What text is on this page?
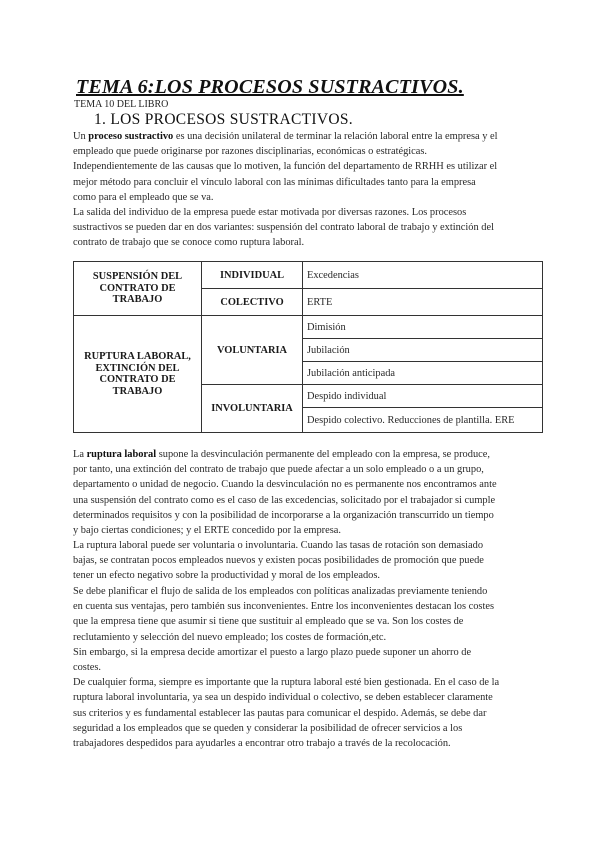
TEMA 6:LOS PROCESOS SUSTRACTIVOS.
TEMA 10 DEL LIBRO
1. LOS PROCESOS SUSTRACTIVOS.

Un proceso sustractivo es una decisión unilateral de terminar la relación laboral entre la empresa y el
empleado que puede originarse por razones disciplinarias, económicas o estratégicas.
Independientemente de las causas que lo motiven, la función del departamento de RRHH es utilizar el
mejor método para concluir el vínculo laboral con las mínimas dificultades tanto para la empresa
como para el empleado que se va.
La salida del individuo de la empresa puede estar motivada por diversas razones. Los procesos
sustractivos se pueden dar en dos variantes: suspensión del contrato laboral de trabajo y extinción del
contrato de trabajo que se conoce como ruptura laboral.

SUSPENSIÓN DEL CONTRATO DE TRABAJO	INDIVIDUAL	Excedencias
	COLECTIVO	ERTE
RUPTURA LABORAL, EXTINCIÓN DEL CONTRATO DE TRABAJO	VOLUNTARIA	Dimisión
		Jubilación
		Jubilación anticipada
	INVOLUNTARIA	Despido individual
		Despido colectivo. Reducciones de plantilla. ERE

La ruptura laboral supone la desvinculación permanente del empleado con la empresa, se produce,
por tanto, una extinción del contrato de trabajo que puede afectar a un solo empleado o a un grupo,
departamento o unidad de negocio. Cuando la desvinculación no es permanente nos encontramos ante
una suspensión del contrato como es el caso de las excedencias, solicitado por el trabajador si cumple
determinados requisitos y con la posibilidad de incorporarse a la organización transcurrido un tiempo
y bajo ciertas condiciones; y el ERTE concedido por la empresa.

La ruptura laboral puede ser voluntaria o involuntaria. Cuando las tasas de rotación son demasiado
bajas, se contratan pocos empleados nuevos y existen pocas posibilidades de promoción que puede
tener un efecto negativo sobre la productividad y moral de los empleados.

Se debe planificar el flujo de salida de los empleados con políticas analizadas previamente teniendo
en cuenta sus ventajas, pero también sus inconvenientes. Entre los inconvenientes destacan los costes
que la empresa tiene que asumir si tiene que sustituir al empleado que se va. Son los costes de
reclutamiento y selección del nuevo empleado; los costes de formación,etc.
Sin embargo, si la empresa decide amortizar el puesto a largo plazo puede suponer un ahorro de
costes.
De cualquier forma, siempre es importante que la ruptura laboral esté bien gestionada. En el caso de la
ruptura laboral involuntaria, ya sea un despido individual o colectivo, se deben establecer claramente
sus criterios y es fundamental establecer las pautas para comunicar el despido. Además, se debe dar
seguridad a los empleados que se queden y considerar la posibilidad de ofrecer servicios a los
trabajadores despedidos para ayudarles a encontrar otro trabajo a través de la recolocación.
